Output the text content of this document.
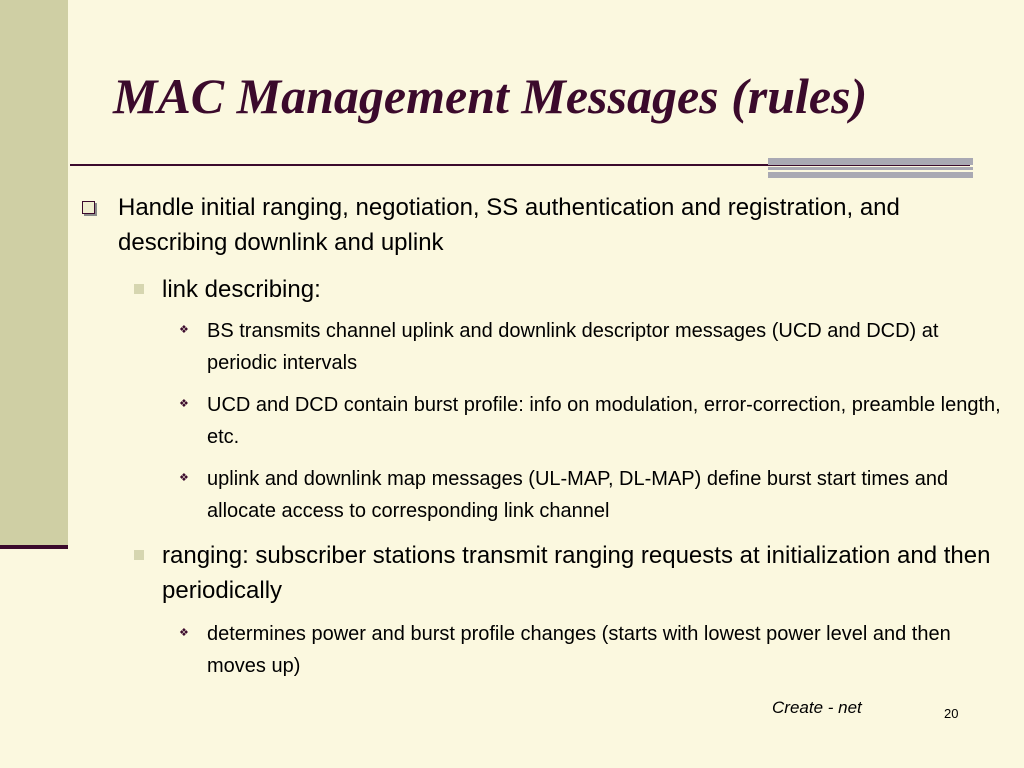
MAC Management Messages (rules)
Handle initial ranging, negotiation, SS authentication and registration, and describing downlink and uplink
link describing:
❖ BS transmits channel uplink and downlink descriptor messages (UCD and DCD) at periodic intervals
❖ UCD and DCD contain burst profile: info on modulation, error-correction, preamble length, etc.
❖ uplink and downlink map messages (UL-MAP, DL-MAP) define burst start times and allocate access to corresponding link channel
ranging: subscriber stations transmit ranging requests at initialization and then periodically
❖ determines power and burst profile changes (starts with lowest power level and then moves up)
Create - net	20
